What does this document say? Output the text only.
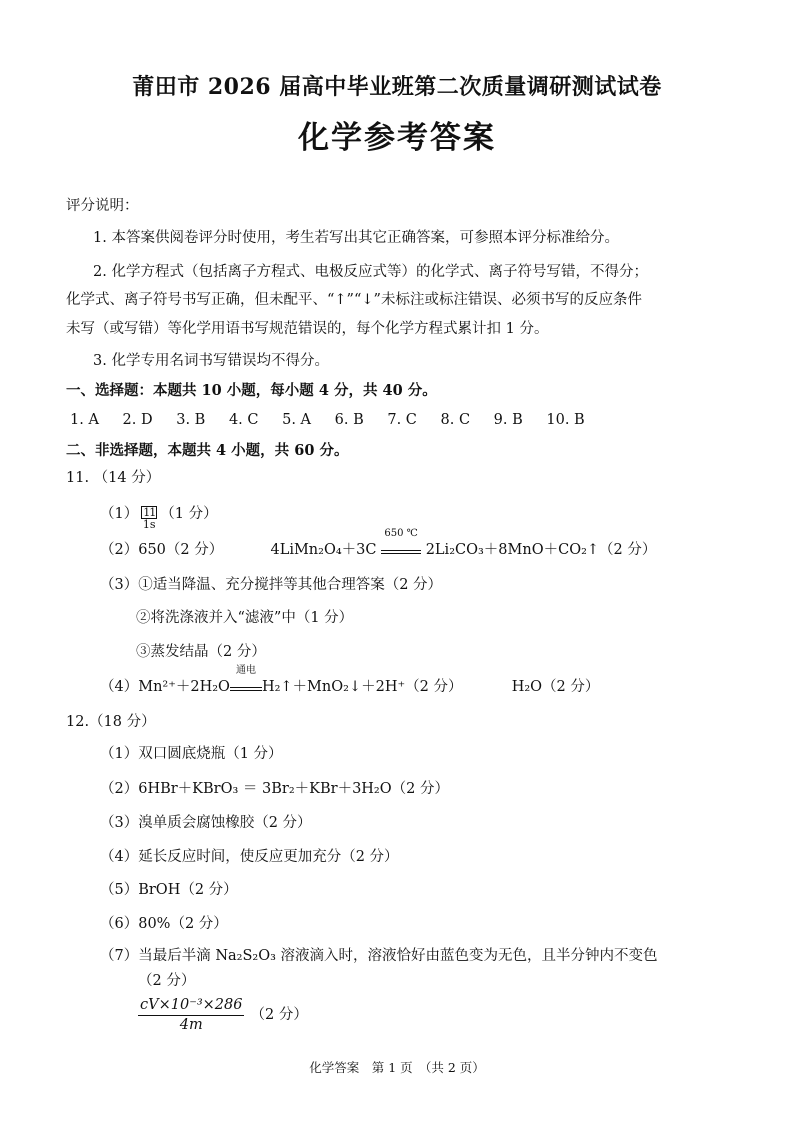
莆田市 2026 届高中毕业班第二次质量调研测试试卷
化学参考答案
评分说明：
1. 本答案供阅卷评分时使用，考生若写出其它正确答案，可参照本评分标准给分。
2. 化学方程式（包括离子方程式、电极反应式等）的化学式、离子符号写错，不得分；
化学式、离子符号书写正确，但未配平、“↑”“↓”未标注或标注错误、必须书写的反应条件
未写（或写错）等化学用语书写规范错误的，每个化学方程式累计扣 1 分。
3. 化学专用名词书写错误均不得分。
一、选择题：本题共 10 小题，每小题 4 分，共 40 分。
1. A 2. D 3. B 4. C 5. A 6. B 7. C 8. C 9. B 10. B
二、非选择题，本题共 4 小题，共 60 分。
11. （14 分）
$(1) \frac{11}{1s} (1$ 分）
（2）650（2 分）	4LiMn₂O₄＋3C
650 ℃
2Li₂CO₃＋8MnO＋CO₂↑（2 分）
（3）①适当降温、充分搅拌等其他合理答案（2 分）
②将洗涤液并入“滤液”中（1 分）
③蒸发结晶（2 分）
（4）Mn²⁺＋2H₂O
通电
H₂↑＋MnO₂↓＋2H⁺（2 分）	H₂O（2 分）
12.（18 分）
（1）双口圆底烧瓶（1 分）
（2）6HBr＋KBrO₃ ＝ 3Br₂＋KBr＋3H₂O（2 分）
（3）溴单质会腐蚀橡胶（2 分）
（4）延长反应时间，使反应更加充分（2 分）
（5）BrOH（2 分）
（6）80%（2 分）
（7）当最后半滴 Na₂S₂O₃ 溶液滴入时，溶液恰好由蓝色变为无色，且半分钟内不变色
（2 分）
$\frac{\text{cV×10⁻³×286}}{4m} (2$ 分）
化学答案　第 1 页　（共 2 页）
